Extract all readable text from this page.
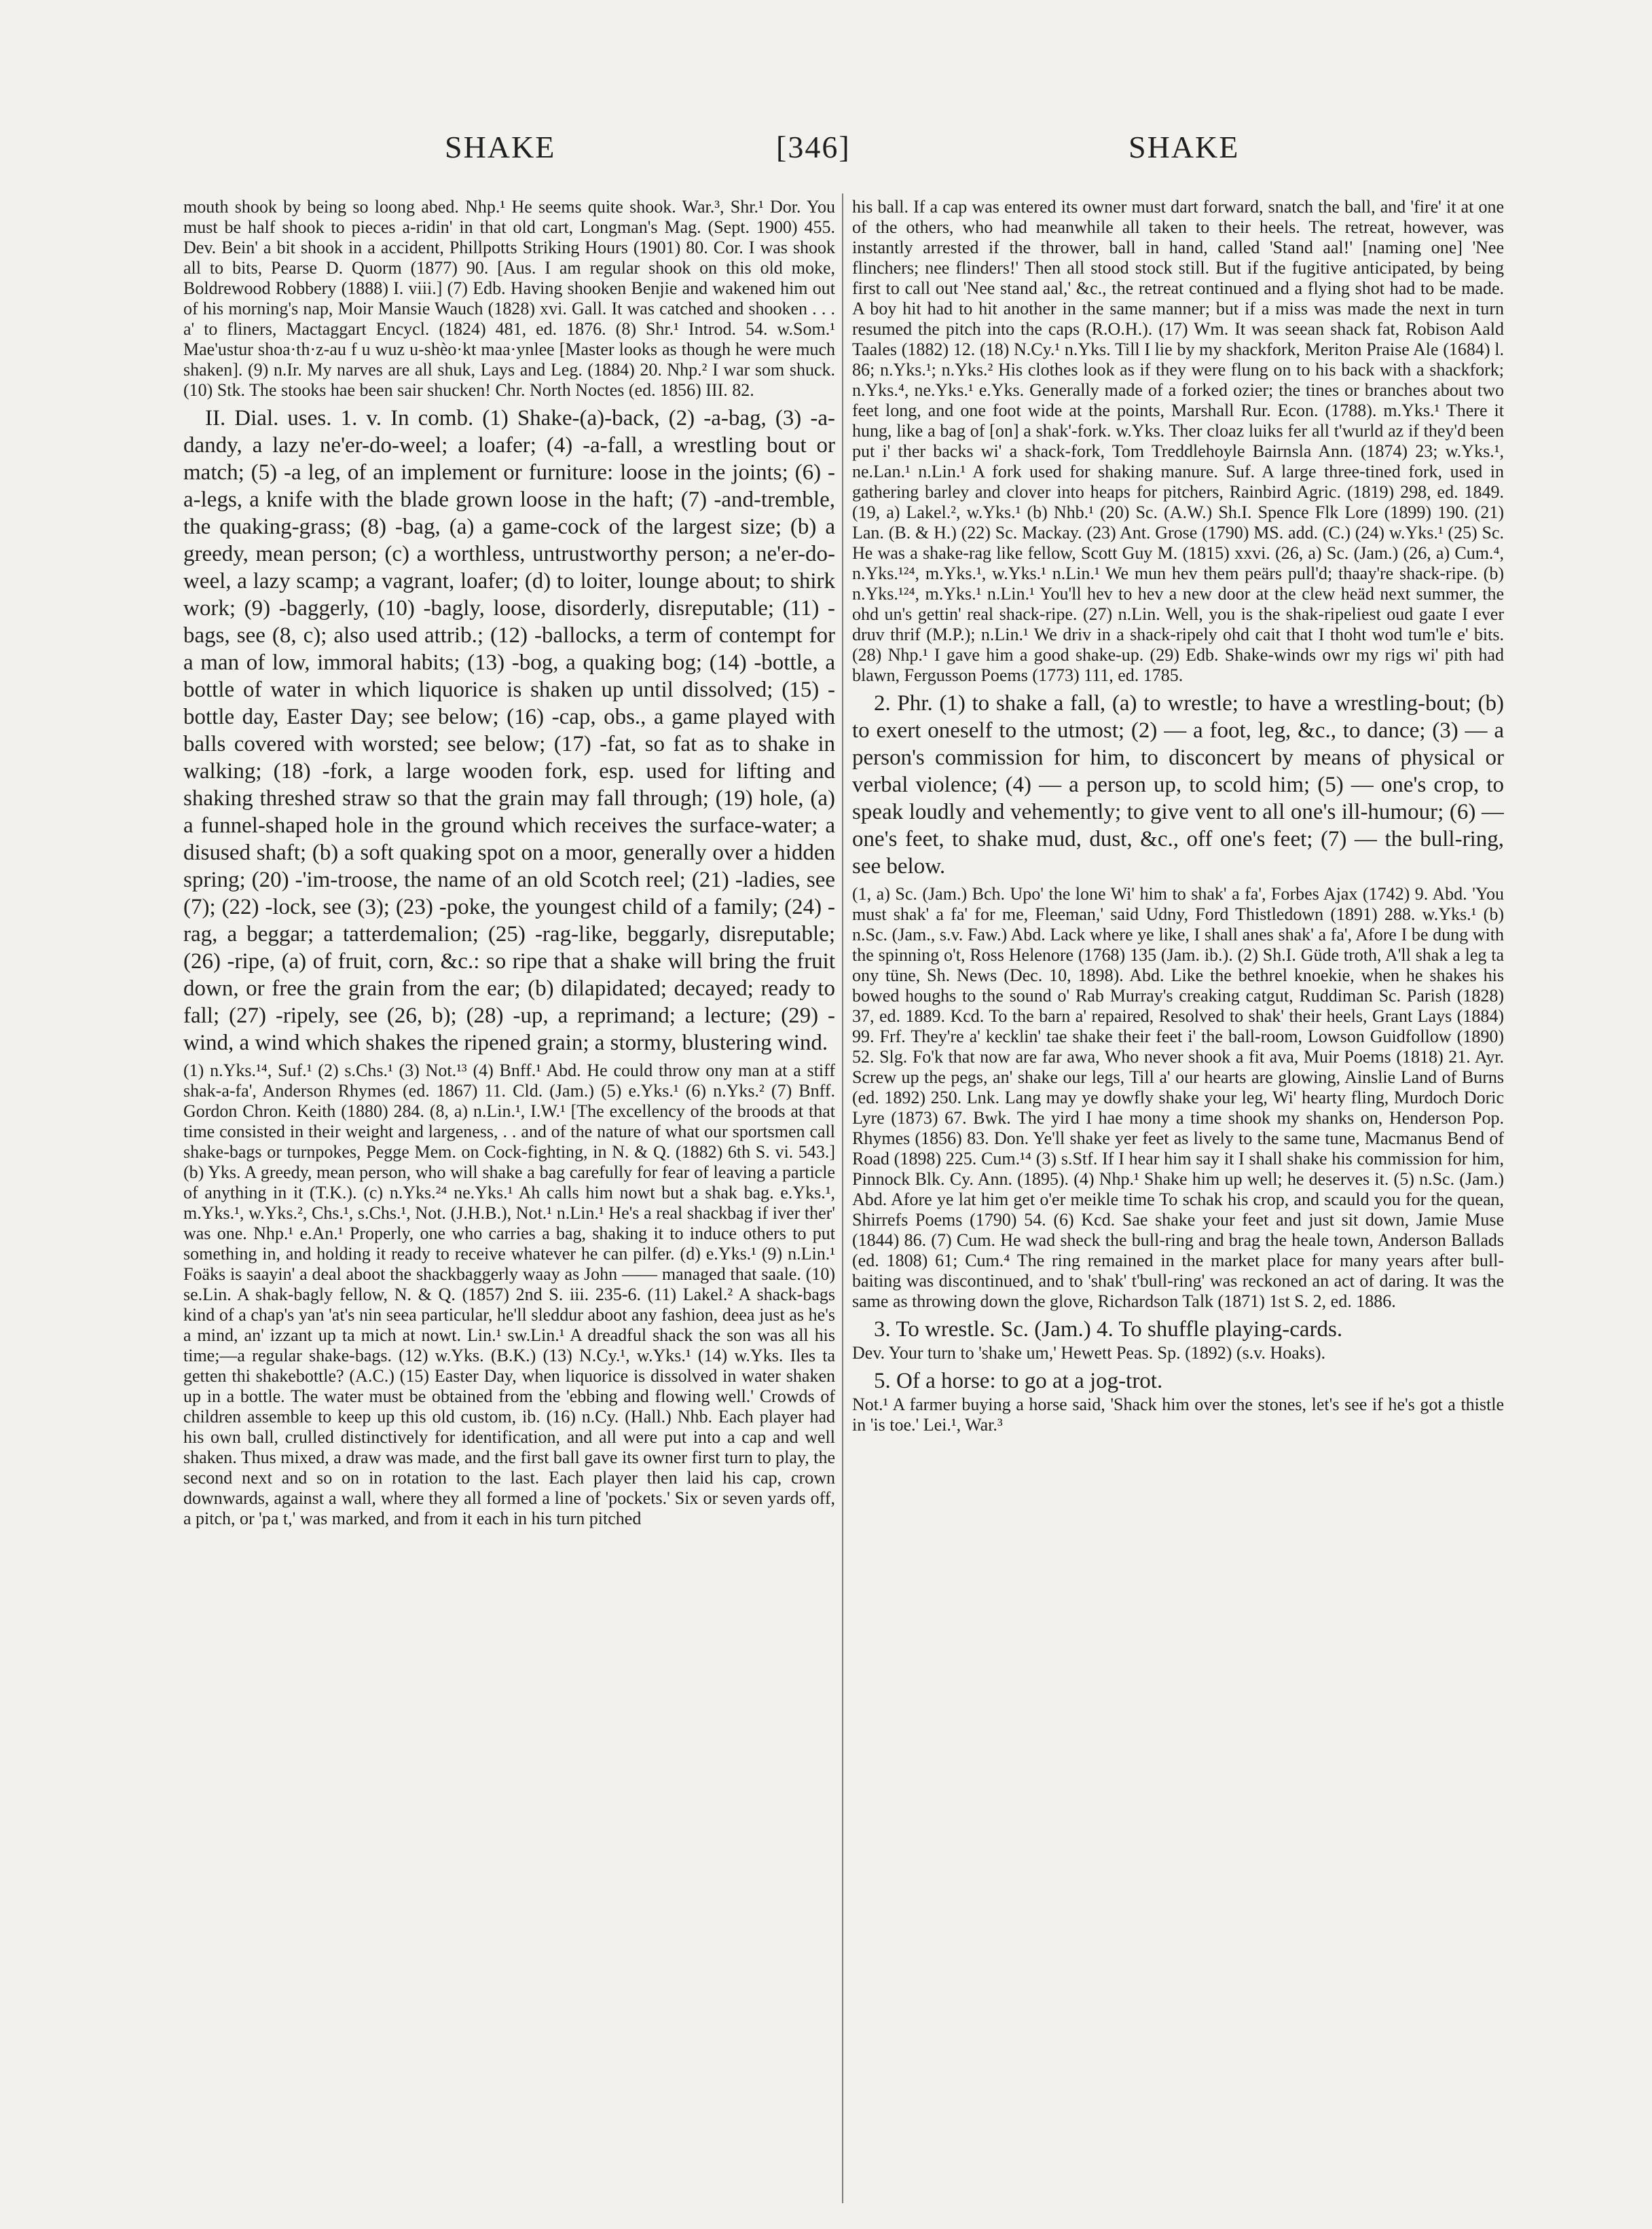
SHAKE	[346]	SHAKE

mouth shook by being so loong abed. Nhp.¹ He seems quite shook. War.³, Shr.¹ Dor. You must be half shook to pieces a-ridin' in that old cart, Longman's Mag. (Sept. 1900) 455. Dev. Bein' a bit shook in a accident, Phillpotts Striking Hours (1901) 80. Cor. I was shook all to bits, Pearse D. Quorm (1877) 90. [Aus. I am regular shook on this old moke, Boldrewood Robbery (1888) I. viii.] (7) Edb. Having shooken Benjie and wakened him out of his morning's nap, Moir Mansie Wauch (1828) xvi. Gall. It was catched and shooken . . . a' to fliners, Mactaggart Encycl. (1824) 481, ed. 1876. (8) Shr.¹ Introd. 54. w.Som.¹ Mae'ustur shoa·th·z-au f u wuz u-shèo·kt maa·ynlee [Master looks as though he were much shaken]. (9) n.Ir. My narves are all shuk, Lays and Leg. (1884) 20. Nhp.² I war som shuck. (10) Stk. The stooks hae been sair shucken! Chr. North Noctes (ed. 1856) III. 82.

II. Dial. uses. 1. v. In comb. (1) Shake-(a)-back, (2) -a-bag, (3) -a-dandy, a lazy ne'er-do-weel; a loafer; (4) -a-fall, a wrestling bout or match; (5) -a leg, of an implement or furniture: loose in the joints; (6) -a-legs, a knife with the blade grown loose in the haft; (7) -and-tremble, the quaking-grass; (8) -bag, (a) a game-cock of the largest size; (b) a greedy, mean person; (c) a worthless, untrustworthy person; a ne'er-do-weel, a lazy scamp; a vagrant, loafer; (d) to loiter, lounge about; to shirk work; (9) -baggerly, (10) -bagly, loose, disorderly, disreputable; (11) -bags, see (8, c); also used attrib.; (12) -ballocks, a term of contempt for a man of low, immoral habits; (13) -bog, a quaking bog; (14) -bottle, a bottle of water in which liquorice is shaken up until dissolved; (15) -bottle day, Easter Day; see below; (16) -cap, obs., a game played with balls covered with worsted; see below; (17) -fat, so fat as to shake in walking; (18) -fork, a large wooden fork, esp. used for lifting and shaking threshed straw so that the grain may fall through; (19) hole, (a) a funnel-shaped hole in the ground which receives the surface-water; a disused shaft; (b) a soft quaking spot on a moor, generally over a hidden spring; (20) -'im-troose, the name of an old Scotch reel; (21) -ladies, see (7); (22) -lock, see (3); (23) -poke, the youngest child of a family; (24) -rag, a beggar; a tatterdemalion; (25) -rag-like, beggarly, disreputable; (26) -ripe, (a) of fruit, corn, &c.: so ripe that a shake will bring the fruit down, or free the grain from the ear; (b) dilapidated; decayed; ready to fall; (27) -ripely, see (26, b); (28) -up, a reprimand; a lecture; (29) -wind, a wind which shakes the ripened grain; a stormy, blustering wind.

(1) n.Yks.¹⁴, Suf.¹ (2) s.Chs.¹ (3) Not.¹³ (4) Bnff.¹ Abd. He could throw ony man at a stiff shak-a-fa', Anderson Rhymes (ed. 1867) 11. Cld. (Jam.) (5) e.Yks.¹ (6) n.Yks.² (7) Bnff. Gordon Chron. Keith (1880) 284. (8, a) n.Lin.¹, I.W.¹ [The excellency of the broods at that time consisted in their weight and largeness, . . and of the nature of what our sportsmen call shake-bags or turnpokes, Pegge Mem. on Cock-fighting, in N. & Q. (1882) 6th S. vi. 543.] (b) Yks. A greedy, mean person, who will shake a bag carefully for fear of leaving a particle of anything in it (T.K.). (c) n.Yks.²⁴ ne.Yks.¹ Ah calls him nowt but a shak bag. e.Yks.¹, m.Yks.¹, w.Yks.², Chs.¹, s.Chs.¹, Not. (J.H.B.), Not.¹ n.Lin.¹ He's a real shackbag if iver ther' was one. Nhp.¹ e.An.¹ Properly, one who carries a bag, shaking it to induce others to put something in, and holding it ready to receive whatever he can pilfer. (d) e.Yks.¹ (9) n.Lin.¹ Foäks is saayin' a deal aboot the shackbaggerly waay as John —— managed that saale. (10) se.Lin. A shak-bagly fellow, N. & Q. (1857) 2nd S. iii. 235-6. (11) Lakel.² A shack-bags kind of a chap's yan 'at's nin seea particular, he'll sleddur aboot any fashion, deea just as he's a mind, an' izzant up ta mich at nowt. Lin.¹ sw.Lin.¹ A dreadful shack the son was all his time;—a regular shake-bags. (12) w.Yks. (B.K.) (13) N.Cy.¹, w.Yks.¹ (14) w.Yks. Iles ta getten thi shakebottle? (A.C.) (15) Easter Day, when liquorice is dissolved in water shaken up in a bottle. The water must be obtained from the 'ebbing and flowing well.' Crowds of children assemble to keep up this old custom, ib. (16) n.Cy. (Hall.) Nhb. Each player had his own ball, crulled distinctively for identification, and all were put into a cap and well shaken. Thus mixed, a draw was made, and the first ball gave its owner first turn to play, the second next and so on in rotation to the last. Each player then laid his cap, crown downwards, against a wall, where they all formed a line of 'pockets.' Six or seven yards off, a pitch, or 'pa t,' was marked, and from it each in his turn pitched

his ball. If a cap was entered its owner must dart forward, snatch the ball, and 'fire' it at one of the others, who had meanwhile all taken to their heels. The retreat, however, was instantly arrested if the thrower, ball in hand, called 'Stand aal!' [naming one] 'Nee flinchers; nee flinders!' Then all stood stock still. But if the fugitive anticipated, by being first to call out 'Nee stand aal,' &c., the retreat continued and a flying shot had to be made. A boy hit had to hit another in the same manner; but if a miss was made the next in turn resumed the pitch into the caps (R.O.H.). (17) Wm. It was seean shack fat, Robison Aald Taales (1882) 12. (18) N.Cy.¹ n.Yks. Till I lie by my shackfork, Meriton Praise Ale (1684) l. 86; n.Yks.¹; n.Yks.² His clothes look as if they were flung on to his back with a shackfork; n.Yks.⁴, ne.Yks.¹ e.Yks. Generally made of a forked ozier; the tines or branches about two feet long, and one foot wide at the points, Marshall Rur. Econ. (1788). m.Yks.¹ There it hung, like a bag of [on] a shak'-fork. w.Yks. Ther cloaz luiks fer all t'wurld az if they'd been put i' ther backs wi' a shack-fork, Tom Treddlehoyle Bairnsla Ann. (1874) 23; w.Yks.¹, ne.Lan.¹ n.Lin.¹ A fork used for shaking manure. Suf. A large three-tined fork, used in gathering barley and clover into heaps for pitchers, Rainbird Agric. (1819) 298, ed. 1849. (19, a) Lakel.², w.Yks.¹ (b) Nhb.¹ (20) Sc. (A.W.) Sh.I. Spence Flk Lore (1899) 190. (21) Lan. (B. & H.) (22) Sc. Mackay. (23) Ant. Grose (1790) MS. add. (C.) (24) w.Yks.¹ (25) Sc. He was a shake-rag like fellow, Scott Guy M. (1815) xxvi. (26, a) Sc. (Jam.) (26, a) Cum.⁴, n.Yks.¹²⁴, m.Yks.¹, w.Yks.¹ n.Lin.¹ We mun hev them peärs pull'd; thaay're shack-ripe. (b) n.Yks.¹²⁴, m.Yks.¹ n.Lin.¹ You'll hev to hev a new door at the clew heäd next summer, the ohd un's gettin' real shack-ripe. (27) n.Lin. Well, you is the shak-ripeliest oud gaate I ever druv thrif (M.P.); n.Lin.¹ We driv in a shack-ripely ohd cait that I thoht wod tum'le e' bits. (28) Nhp.¹ I gave him a good shake-up. (29) Edb. Shake-winds owr my rigs wi' pith had blawn, Fergusson Poems (1773) 111, ed. 1785.

2. Phr. (1) to shake a fall, (a) to wrestle; to have a wrestling-bout; (b) to exert oneself to the utmost; (2) — a foot, leg, &c., to dance; (3) — a person's commission for him, to disconcert by means of physical or verbal violence; (4) — a person up, to scold him; (5) — one's crop, to speak loudly and vehemently; to give vent to all one's ill-humour; (6) — one's feet, to shake mud, dust, &c., off one's feet; (7) — the bull-ring, see below.

(1, a) Sc. (Jam.) Bch. Upo' the lone Wi' him to shak' a fa', Forbes Ajax (1742) 9. Abd. 'You must shak' a fa' for me, Fleeman,' said Udny, Ford Thistledown (1891) 288. w.Yks.¹ (b) n.Sc. (Jam., s.v. Faw.) Abd. Lack where ye like, I shall anes shak' a fa', Afore I be dung with the spinning o't, Ross Helenore (1768) 135 (Jam. ib.). (2) Sh.I. Güde troth, A'll shak a leg ta ony tüne, Sh. News (Dec. 10, 1898). Abd. Like the bethrel knoekie, when he shakes his bowed houghs to the sound o' Rab Murray's creaking catgut, Ruddiman Sc. Parish (1828) 37, ed. 1889. Kcd. To the barn a' repaired, Resolved to shak' their heels, Grant Lays (1884) 99. Frf. They're a' kecklin' tae shake their feet i' the ball-room, Lowson Guidfollow (1890) 52. Slg. Fo'k that now are far awa, Who never shook a fit ava, Muir Poems (1818) 21. Ayr. Screw up the pegs, an' shake our legs, Till a' our hearts are glowing, Ainslie Land of Burns (ed. 1892) 250. Lnk. Lang may ye dowfly shake your leg, Wi' hearty fling, Murdoch Doric Lyre (1873) 67. Bwk. The yird I hae mony a time shook my shanks on, Henderson Pop. Rhymes (1856) 83. Don. Ye'll shake yer feet as lively to the same tune, Macmanus Bend of Road (1898) 225. Cum.¹⁴ (3) s.Stf. If I hear him say it I shall shake his commission for him, Pinnock Blk. Cy. Ann. (1895). (4) Nhp.¹ Shake him up well; he deserves it. (5) n.Sc. (Jam.) Abd. Afore ye lat him get o'er meikle time To schak his crop, and scauld you for the quean, Shirrefs Poems (1790) 54. (6) Kcd. Sae shake your feet and just sit down, Jamie Muse (1844) 86. (7) Cum. He wad sheck the bull-ring and brag the heale town, Anderson Ballads (ed. 1808) 61; Cum.⁴ The ring remained in the market place for many years after bull-baiting was discontinued, and to 'shak' t'bull-ring' was reckoned an act of daring. It was the same as throwing down the glove, Richardson Talk (1871) 1st S. 2, ed. 1886.

3. To wrestle. Sc. (Jam.) 4. To shuffle playing-cards.

Dev. Your turn to 'shake um,' Hewett Peas. Sp. (1892) (s.v. Hoaks).

5. Of a horse: to go at a jog-trot.

Not.¹ A farmer buying a horse said, 'Shack him over the stones, let's see if he's got a thistle in 'is toe.' Lei.¹, War.³
